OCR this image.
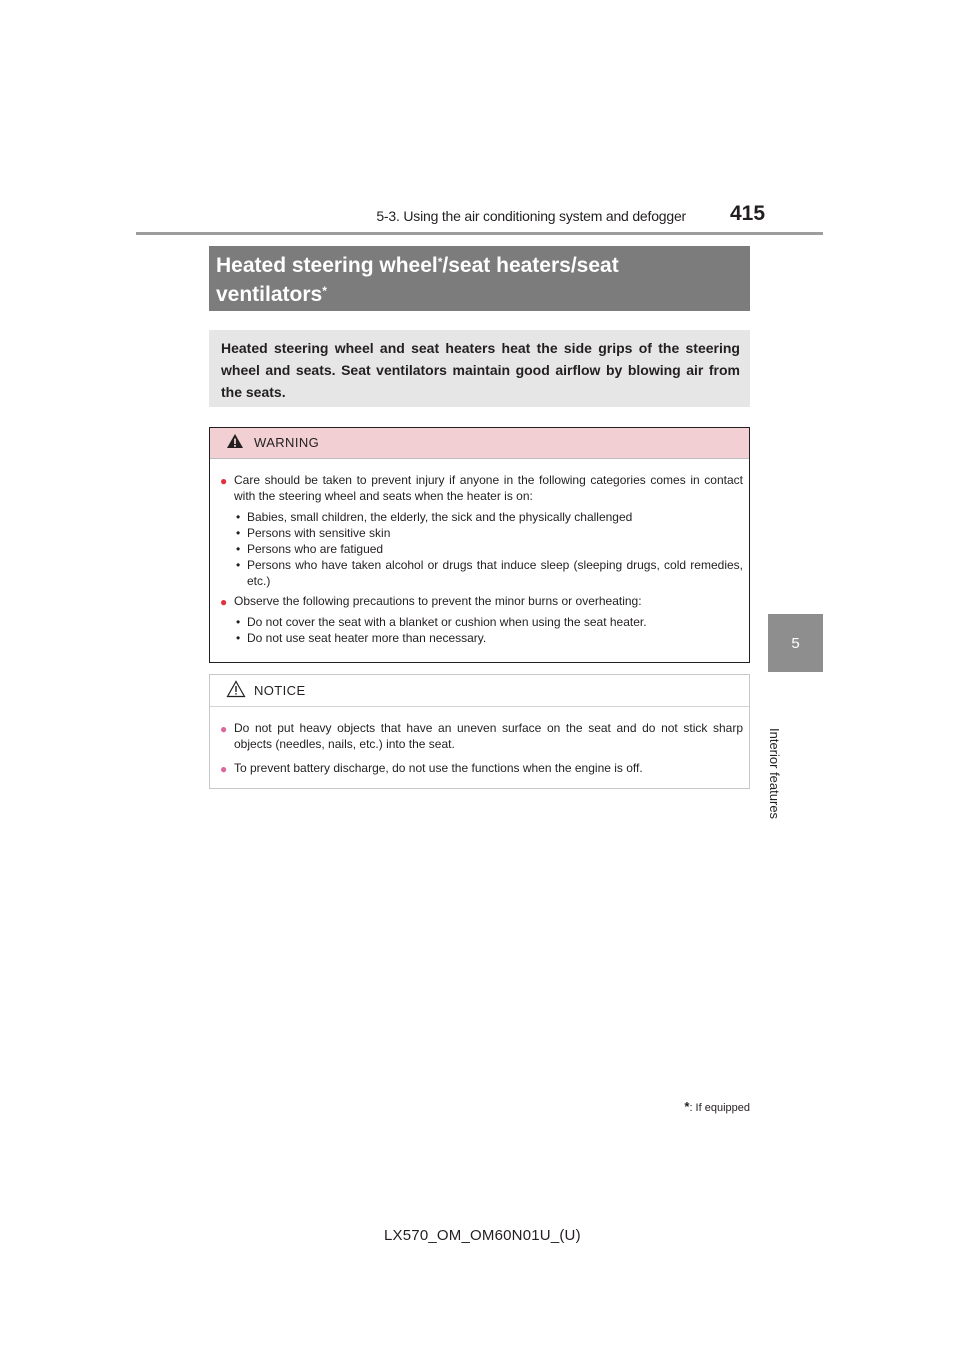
5-3. Using the air conditioning system and defogger 415
5
Interior features
Heated steering wheel*/seat heaters/seat
ventilators*
Heated steering wheel and seat heaters heat the side grips of the steering wheel and seats. Seat ventilators maintain good airflow by blowing air from the seats.
WARNING
● Care should be taken to prevent injury if anyone in the following categories comes in contact with the steering wheel and seats when the heater is on:
• Babies, small children, the elderly, the sick and the physically challenged
• Persons with sensitive skin
• Persons who are fatigued
• Persons who have taken alcohol or drugs that induce sleep (sleeping drugs, cold remedies, etc.)
● Observe the following precautions to prevent the minor burns or overheating:
• Do not cover the seat with a blanket or cushion when using the seat heater.
• Do not use seat heater more than necessary.
NOTICE
● Do not put heavy objects that have an uneven surface on the seat and do not stick sharp objects (needles, nails, etc.) into the seat.
● To prevent battery discharge, do not use the functions when the engine is off.
*: If equipped
LX570_OM_OM60N01U_(U)
